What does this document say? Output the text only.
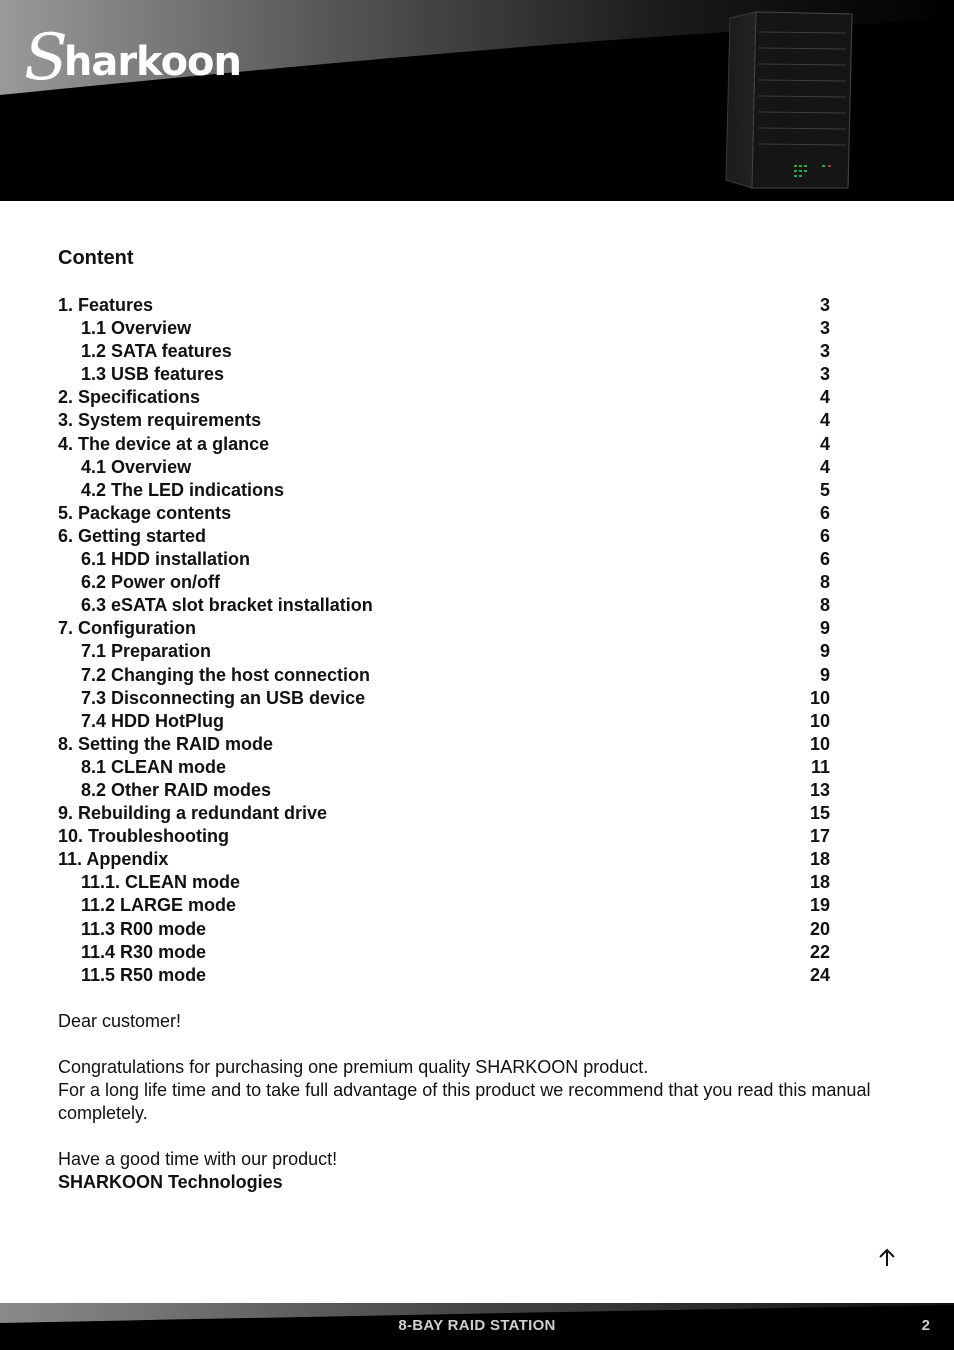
S
harkoon
Content
1. Features	3
1.1 Overview	3
1.2 SATA features	3
1.3 USB features	3
2. Specifications	4
3. System requirements	4
4. The device at a glance	4
4.1 Overview	4
4.2 The LED indications	5
5. Package contents	6
6. Getting started	6
6.1 HDD installation	6
6.2 Power on/off	8
6.3 eSATA slot bracket installation	8
7. Configuration	9
7.1 Preparation	9
7.2 Changing the host connection	9
7.3 Disconnecting an USB device	10
7.4 HDD HotPlug	10
8. Setting the RAID mode	10
8.1 CLEAN mode	11
8.2 Other RAID modes	13
9. Rebuilding a redundant drive	15
10. Troubleshooting	17
11. Appendix	18
11.1. CLEAN mode	18
11.2 LARGE mode	19
11.3 R00 mode	20
11.4 R30 mode	22
11.5 R50 mode	24

Dear customer!

Congratulations for purchasing one premium quality SHARKOON product.

For a long life time and to take full advantage of this product we recommend that you read this manual completely.

Have a good time with our product!

SHARKOON Technologies

8-BAY RAID STATION	2
